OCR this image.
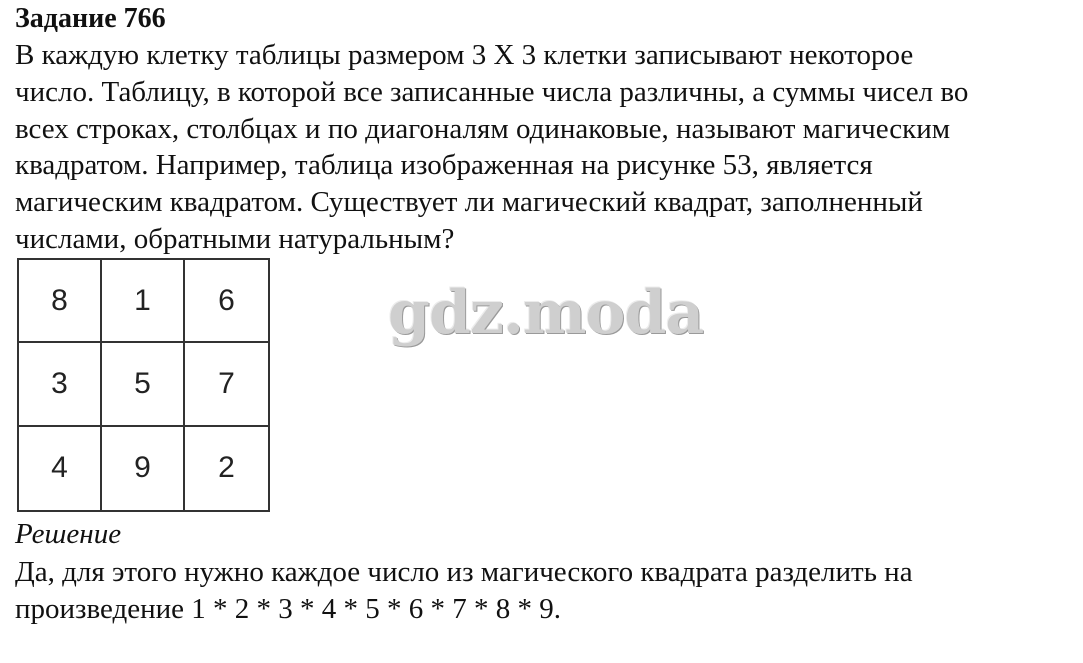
Задание 766
В каждую клетку таблицы размером 3 X 3 клетки записывают некоторое
число. Таблицу, в которой все записанные числа различны, а суммы чисел во
всех строках, столбцах и по диагоналям одинаковые, называют магическим
квадратом. Например, таблица изображенная на рисунке 53, является
магическим квадратом. Существует ли магический квадрат, заполненный
числами, обратными натуральным?
8	1	6
3	5	7
4	9	2
gdz.moda
Решение
Да, для этого нужно каждое число из магического квадрата разделить на
произведение 1 * 2 * 3 * 4 * 5 * 6 * 7 * 8 * 9.
